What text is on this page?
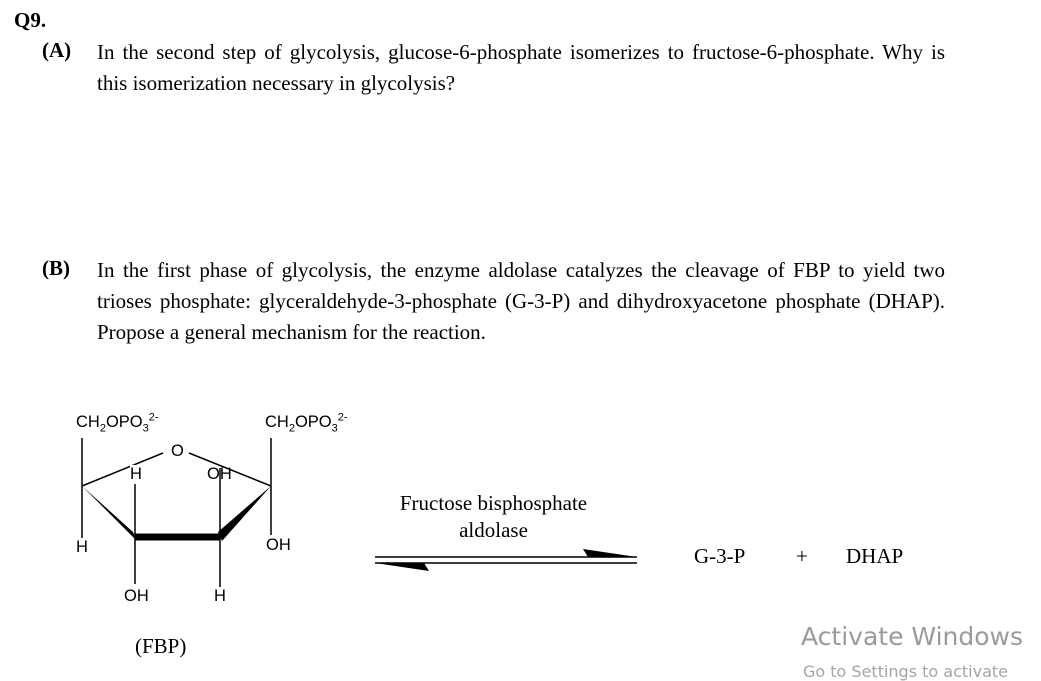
Q9.
(A) In the second step of glycolysis, glucose-6-phosphate isomerizes to fructose-6-phosphate. Why is this isomerization necessary in glycolysis?
(B) In the first phase of glycolysis, the enzyme aldolase catalyzes the cleavage of FBP to yield two trioses phosphate: glyceraldehyde-3-phosphate (G-3-P) and dihydroxyacetone phosphate (DHAP). Propose a general mechanism for the reaction.
$CH_2OPO_3^{2-}$	$CH_2OPO_3^{2-}$
O
H	OH
H	OH
OH	H
(FBP)
Fructose bisphosphate
aldolase
G-3-P + DHAP
Activate Windows
Go to Settings to activate
